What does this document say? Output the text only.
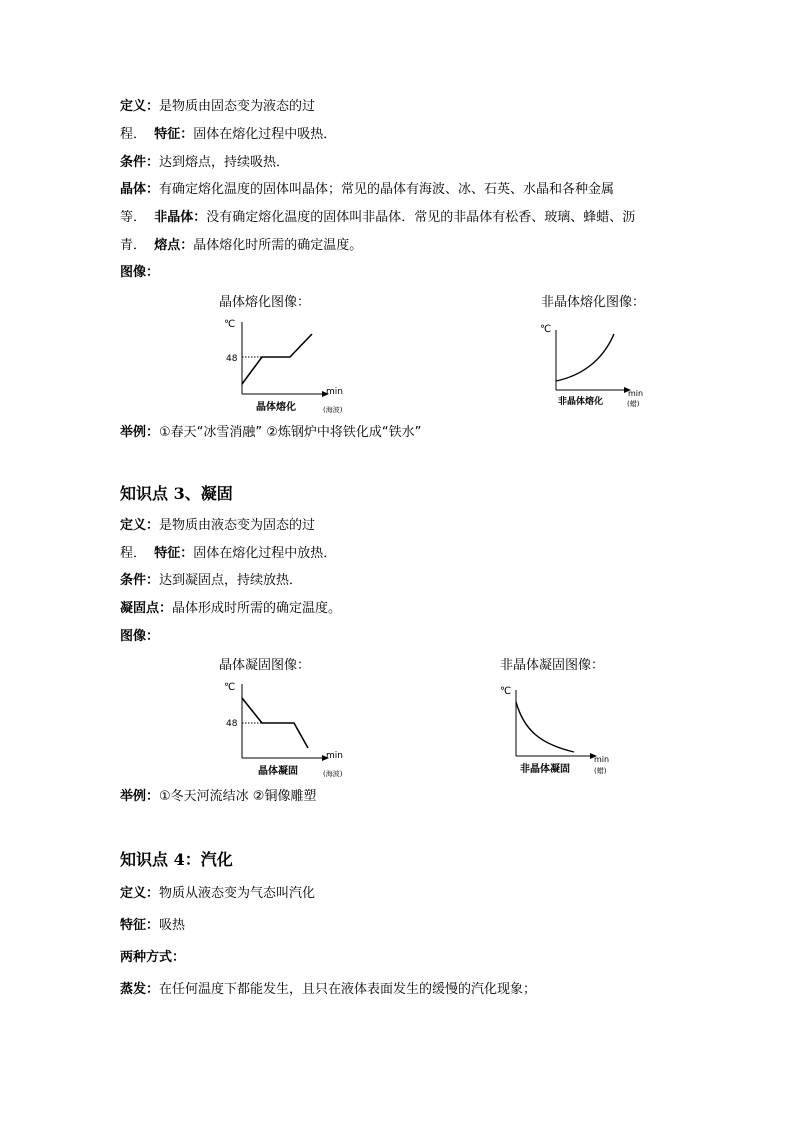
定义：是物质由固态变为液态的过
程． 特征：固体在熔化过程中吸热．
条件：达到熔点，持续吸热．
晶体：有确定熔化温度的固体叫晶体；常见的晶体有海波、冰、石英、水晶和各种金属
等． 非晶体：没有确定熔化温度的固体叫非晶体．常见的非晶体有松香、玻璃、蜂蜡、沥
青． 熔点：晶体熔化时所需的确定温度。
图像：
晶体熔化图像：	非晶体熔化图像：
℃
48
min
晶体熔化	(海波)
℃
min
非晶体熔化	(蜡)
举例：①春天“冰雪消融” ②炼钢炉中将铁化成“铁水”
知识点 3、凝固
定义：是物质由液态变为固态的过
程． 特征：固体在熔化过程中放热．
条件：达到凝固点，持续放热．
凝固点：晶体形成时所需的确定温度。
图像：
晶体凝固图像：	非晶体凝固图像：
℃
48
min
晶体凝固	(海波)
℃
min
非晶体凝固	(蜡)
举例：①冬天河流结冰 ②铜像雕塑
知识点 4：汽化
定义：物质从液态变为气态叫汽化
特征：吸热
两种方式：
蒸发：在任何温度下都能发生，且只在液体表面发生的缓慢的汽化现象；
